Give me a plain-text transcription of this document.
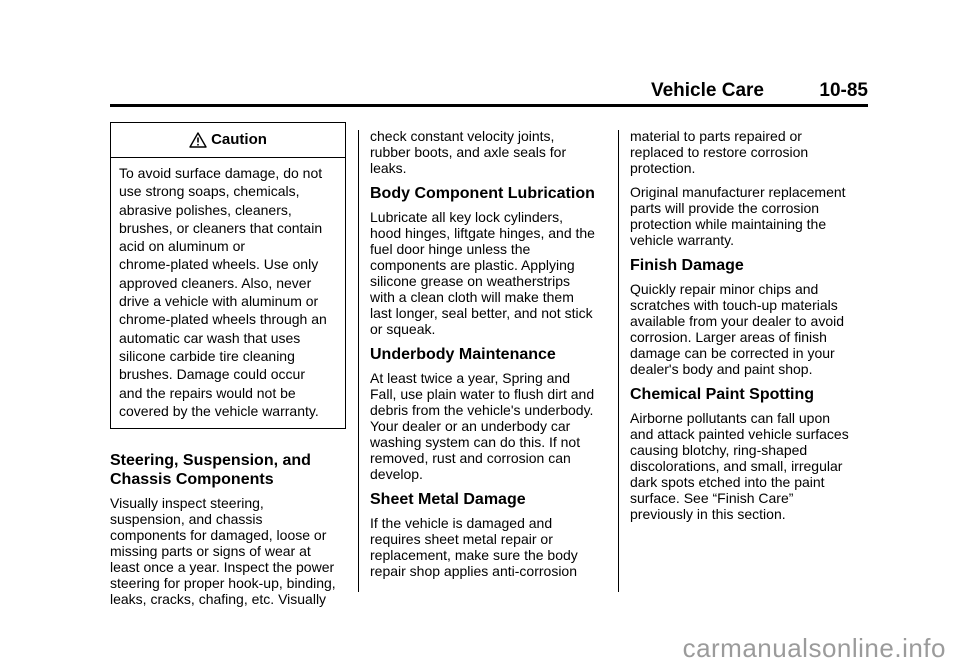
Vehicle Care	10-85
Caution
To avoid surface damage, do not
use strong soaps, chemicals,
abrasive polishes, cleaners,
brushes, or cleaners that contain
acid on aluminum or
chrome-plated wheels. Use only
approved cleaners. Also, never
drive a vehicle with aluminum or
chrome-plated wheels through an
automatic car wash that uses
silicone carbide tire cleaning
brushes. Damage could occur
and the repairs would not be
covered by the vehicle warranty.
Steering, Suspension, and
Chassis Components

Visually inspect steering,
suspension, and chassis
components for damaged, loose or
missing parts or signs of wear at
least once a year. Inspect the power
steering for proper hook-up, binding,
leaks, cracks, chafing, etc. Visually

check constant velocity joints,
rubber boots, and axle seals for
leaks.

Body Component Lubrication

Lubricate all key lock cylinders,
hood hinges, liftgate hinges, and the
fuel door hinge unless the
components are plastic. Applying
silicone grease on weatherstrips
with a clean cloth will make them
last longer, seal better, and not stick
or squeak.

Underbody Maintenance

At least twice a year, Spring and
Fall, use plain water to flush dirt and
debris from the vehicle's underbody.
Your dealer or an underbody car
washing system can do this. If not
removed, rust and corrosion can
develop.

Sheet Metal Damage

If the vehicle is damaged and
requires sheet metal repair or
replacement, make sure the body
repair shop applies anti-corrosion

material to parts repaired or
replaced to restore corrosion
protection.

Original manufacturer replacement
parts will provide the corrosion
protection while maintaining the
vehicle warranty.

Finish Damage

Quickly repair minor chips and
scratches with touch-up materials
available from your dealer to avoid
corrosion. Larger areas of finish
damage can be corrected in your
dealer's body and paint shop.

Chemical Paint Spotting

Airborne pollutants can fall upon
and attack painted vehicle surfaces
causing blotchy, ring-shaped
discolorations, and small, irregular
dark spots etched into the paint
surface. See “Finish Care”
previously in this section.

carmanualsonline.info
